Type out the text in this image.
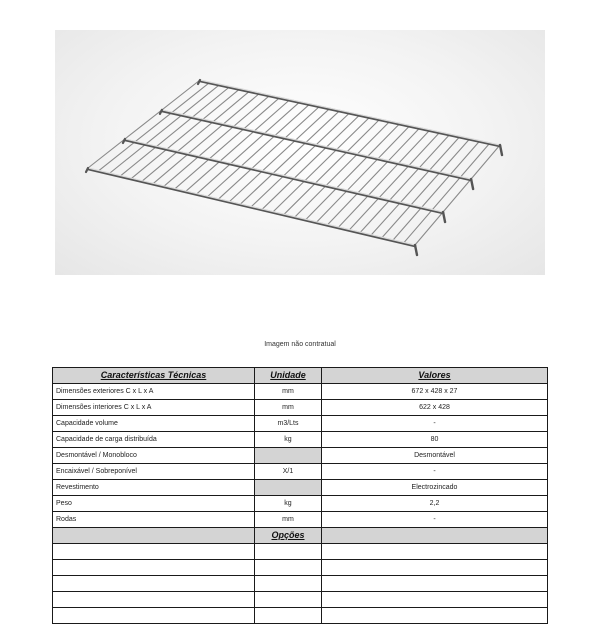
Imagem não contratual
Características Técnicas	Unidade	Valores
Dimensões exteriores C x L x A	mm	672 x 428 x 27
Dimensões interiores C x L x A	mm	622 x 428
Capacidade volume	m3/Lts	-
Capacidade de carga distribuída	kg	80
Desmontável / Monobloco		Desmontável
Encaixável / Sobreponível	X/1	-
Revestimento		Electrozincado
Peso	kg	2,2
Rodas	mm	-
	Opções	
